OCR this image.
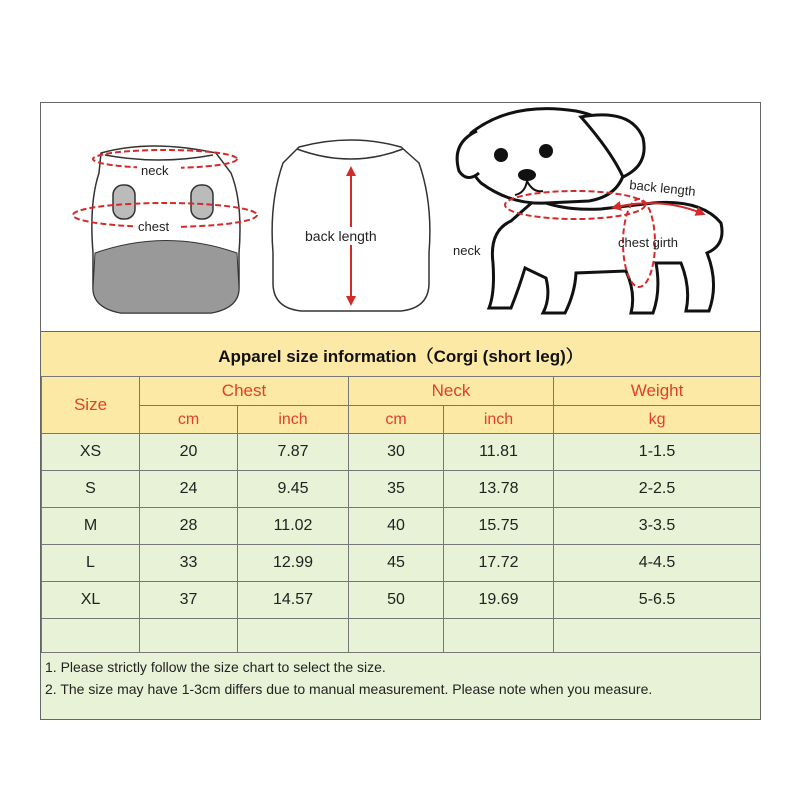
neck
chest
back length
back length
neck
chest girth
Apparel size information（Corgi (short leg)）
Size	Chest		Neck		Weight
	cm	inch	cm	inch	kg
XS	20	7.87	30	11.81	1-1.5
S	24	9.45	35	13.78	2-2.5
M	28	11.02	40	15.75	3-3.5
L	33	12.99	45	17.72	4-4.5
XL	37	14.57	50	19.69	5-6.5

1. Please strictly follow the size chart to select the size.
2. The size may have 1-3cm differs due to manual measurement. Please note when you measure.
